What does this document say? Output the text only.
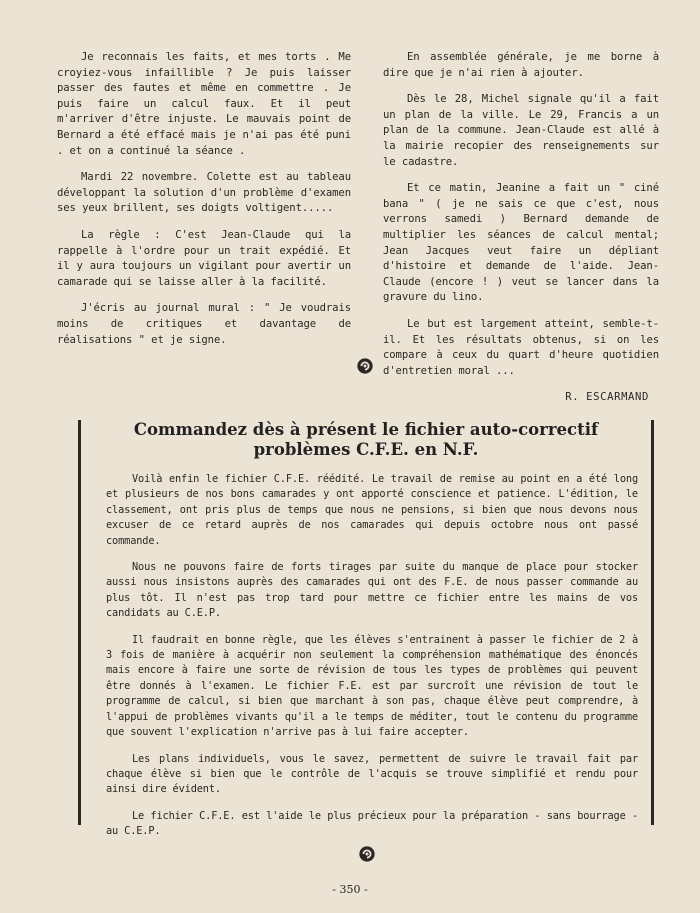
Je reconnais les faits, et mes torts . Me croyiez-vous infaillible ? Je puis laisser passer des fautes et même en commettre . Je puis faire un calcul faux. Et il peut m'arriver d'être injuste. Le mauvais point de Bernard a été effacé mais je n'ai pas été puni . et on a continué la séance .

Mardi 22 novembre. Colette est au tableau développant la solution d'un problème d'examen ses yeux brillent, ses doigts voltigent.....

La règle : C'est Jean-Claude qui la rappelle à l'ordre pour un trait expédié. Et il y aura toujours un vigilant pour avertir un camarade qui se laisse aller à la facilité.

J'écris au journal mural : " Je voudrais moins de critiques et davantage de réalisations " et je signe.

En assemblée générale, je me borne à dire que je n'ai rien à ajouter.

Dès le 28, Michel signale qu'il a fait un plan de la ville. Le 29, Francis a un plan de la commune. Jean-Claude est allé à la mairie recopier des renseignements sur le cadastre.

Et ce matin, Jeanine a fait un " ciné bana " ( je ne sais ce que c'est, nous verrons samedi ) Bernard demande de multiplier les séances de calcul mental; Jean Jacques veut faire un dépliant d'histoire et demande de l'aide. Jean-Claude (encore ! ) veut se lancer dans la gravure du lino.

Le but est largement atteint, semble-t-il. Et les résultats obtenus, si on les compare à ceux du quart d'heure quotidien d'entretien moral ...

R. ESCARMAND
Commandez dès à présent le fichier auto-correctif
problèmes C.F.E. en N.F.

Voilà enfin le fichier C.F.E. réédité. Le travail de remise au point en a été long et plusieurs de nos bons camarades y ont apporté conscience et patience. L'édition, le classement, ont pris plus de temps que nous ne pensions, si bien que nous devons nous excuser de ce retard auprès de nos camarades qui depuis octobre nous ont passé commande.

Nous ne pouvons faire de forts tirages par suite du manque de place pour stocker aussi nous insistons auprès des camarades qui ont des F.E. de nous passer commande au plus tôt. Il n'est pas trop tard pour mettre ce fichier entre les mains de vos candidats au C.E.P.

Il faudrait en bonne règle, que les élèves s'entrainent à passer le fichier de 2 à 3 fois de manière à acquérir non seulement la compréhension mathématique des énoncés mais encore à faire une sorte de révision de tous les types de problèmes qui peuvent être donnés à l'examen. Le fichier F.E. est par surcroît une révision de tout le programme de calcul, si bien que marchant à son pas, chaque élève peut comprendre, à l'appui de problèmes vivants qu'il a le temps de méditer, tout le contenu du programme que souvent l'explication n'arrive pas à lui faire accepter.

Les plans individuels, vous le savez, permettent de suivre le travail fait par chaque élève si bien que le contrôle de l'acquis se trouve simplifié et rendu pour ainsi dire évident.

Le fichier C.F.E. est l'aide le plus précieux pour la préparation - sans bourrage - au C.E.P.

- 350 -
